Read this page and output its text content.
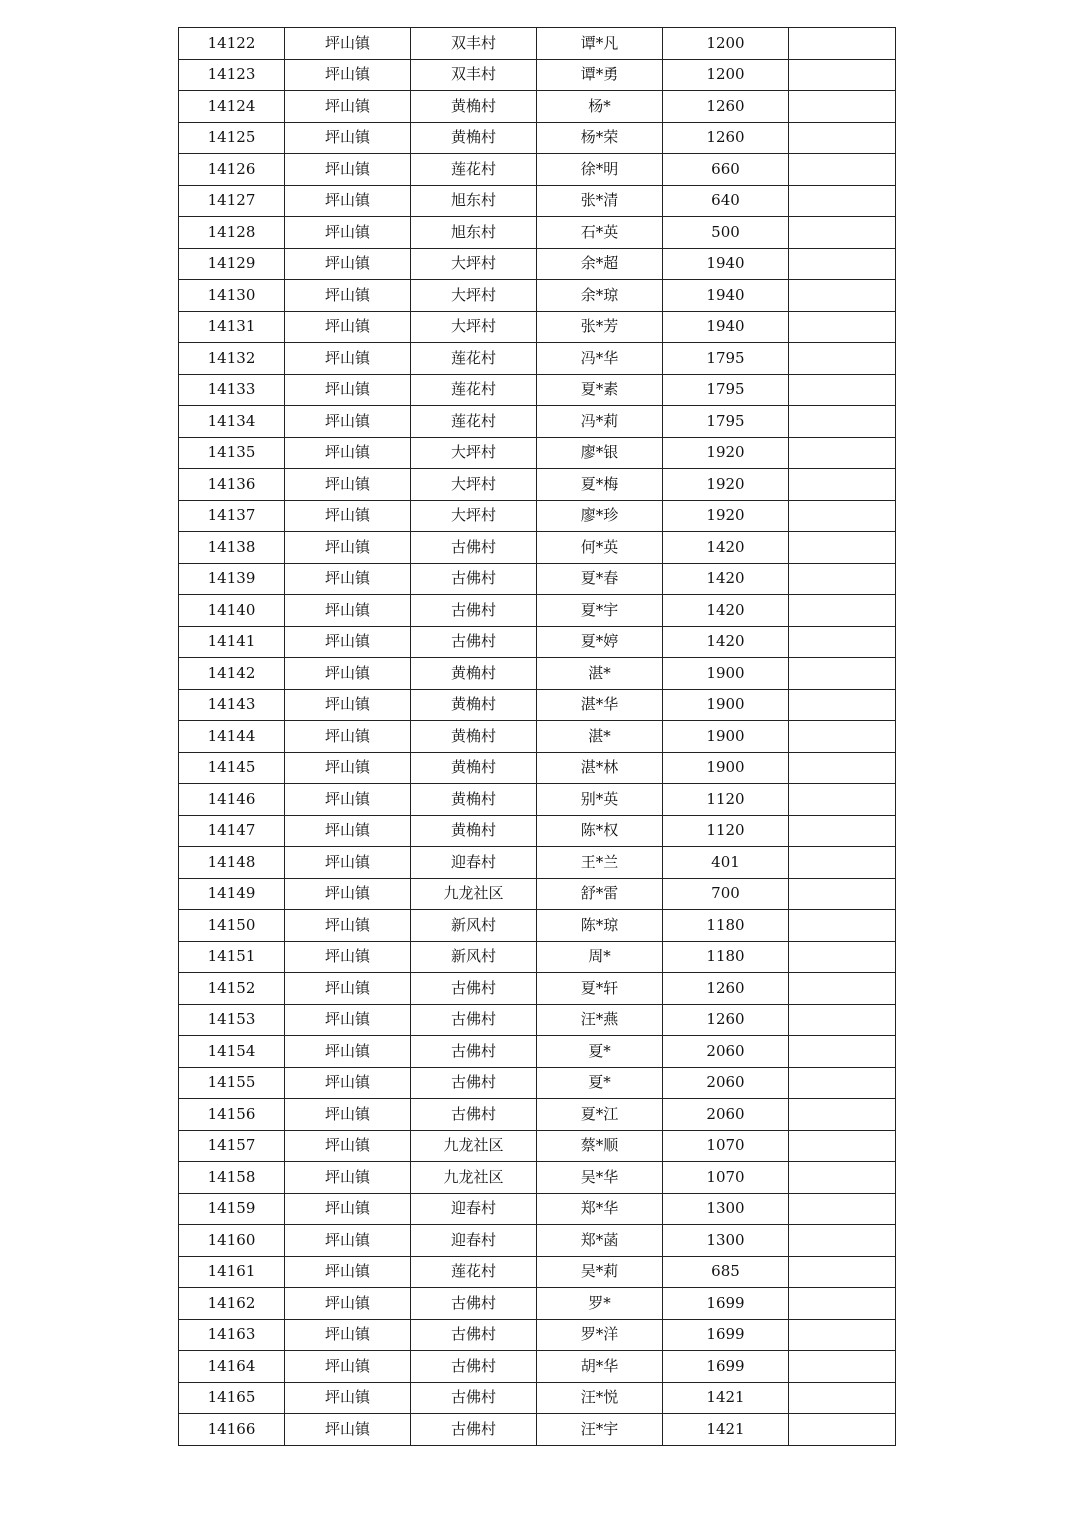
14122	坪山镇	双丰村	谭*凡	1200	
14123	坪山镇	双丰村	谭*勇	1200	
14124	坪山镇	黄桷村	杨*	1260	
14125	坪山镇	黄桷村	杨*荣	1260	
14126	坪山镇	莲花村	徐*明	660	
14127	坪山镇	旭东村	张*清	640	
14128	坪山镇	旭东村	石*英	500	
14129	坪山镇	大坪村	余*超	1940	
14130	坪山镇	大坪村	余*琼	1940	
14131	坪山镇	大坪村	张*芳	1940	
14132	坪山镇	莲花村	冯*华	1795	
14133	坪山镇	莲花村	夏*素	1795	
14134	坪山镇	莲花村	冯*莉	1795	
14135	坪山镇	大坪村	廖*银	1920	
14136	坪山镇	大坪村	夏*梅	1920	
14137	坪山镇	大坪村	廖*珍	1920	
14138	坪山镇	古佛村	何*英	1420	
14139	坪山镇	古佛村	夏*春	1420	
14140	坪山镇	古佛村	夏*宇	1420	
14141	坪山镇	古佛村	夏*婷	1420	
14142	坪山镇	黄桷村	湛*	1900	
14143	坪山镇	黄桷村	湛*华	1900	
14144	坪山镇	黄桷村	湛*	1900	
14145	坪山镇	黄桷村	湛*林	1900	
14146	坪山镇	黄桷村	别*英	1120	
14147	坪山镇	黄桷村	陈*权	1120	
14148	坪山镇	迎春村	王*兰	401	
14149	坪山镇	九龙社区	舒*雷	700	
14150	坪山镇	新风村	陈*琼	1180	
14151	坪山镇	新风村	周*	1180	
14152	坪山镇	古佛村	夏*轩	1260	
14153	坪山镇	古佛村	汪*燕	1260	
14154	坪山镇	古佛村	夏*	2060	
14155	坪山镇	古佛村	夏*	2060	
14156	坪山镇	古佛村	夏*江	2060	
14157	坪山镇	九龙社区	蔡*顺	1070	
14158	坪山镇	九龙社区	吴*华	1070	
14159	坪山镇	迎春村	郑*华	1300	
14160	坪山镇	迎春村	郑*菡	1300	
14161	坪山镇	莲花村	吴*莉	685	
14162	坪山镇	古佛村	罗*	1699	
14163	坪山镇	古佛村	罗*洋	1699	
14164	坪山镇	古佛村	胡*华	1699	
14165	坪山镇	古佛村	汪*悦	1421	
14166	坪山镇	古佛村	汪*宇	1421	
